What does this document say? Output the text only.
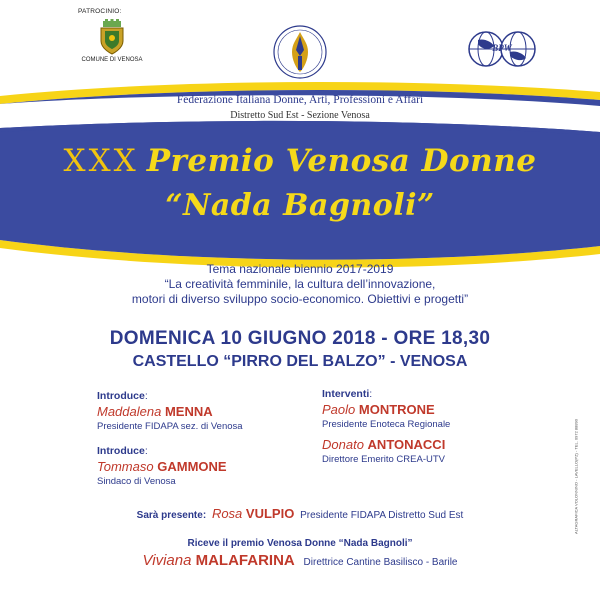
PATROCINIO:
COMUNE DI VENOSA
BPW
Federazione Italiana Donne, Arti, Professioni e Affari
Distretto Sud Est - Sezione Venosa
XXX Premio Venosa Donne
“Nada Bagnoli”
Tema nazionale biennio 2017-2019
“La creatività femminile, la cultura dell’innovazione,
motori di diverso sviluppo socio-economico. Obiettivi e progetti”
DOMENICA 10 GIUGNO 2018 - ORE 18,30
CASTELLO “PIRRO DEL BALZO” - VENOSA
Introduce:
Maddalena MENNA
Presidente FIDAPA sez. di Venosa
Introduce:
Tommaso GAMMONE
Sindaco di Venosa
Interventi:
Paolo MONTRONE
Presidente Enoteca Regionale
Donato ANTONACCI
Direttore Emerito CREA-UTV
Sarà presente: Rosa VULPIO Presidente FIDAPA Distretto Sud Est
Riceve il premio Venosa Donne “Nada Bagnoli”
Viviana MALAFARINA Direttrice Cantine Basilisco - Barile
ALTAGRAFICA VOLONNINO - LAVELLO(PZ) - TEL. 0972 88890
